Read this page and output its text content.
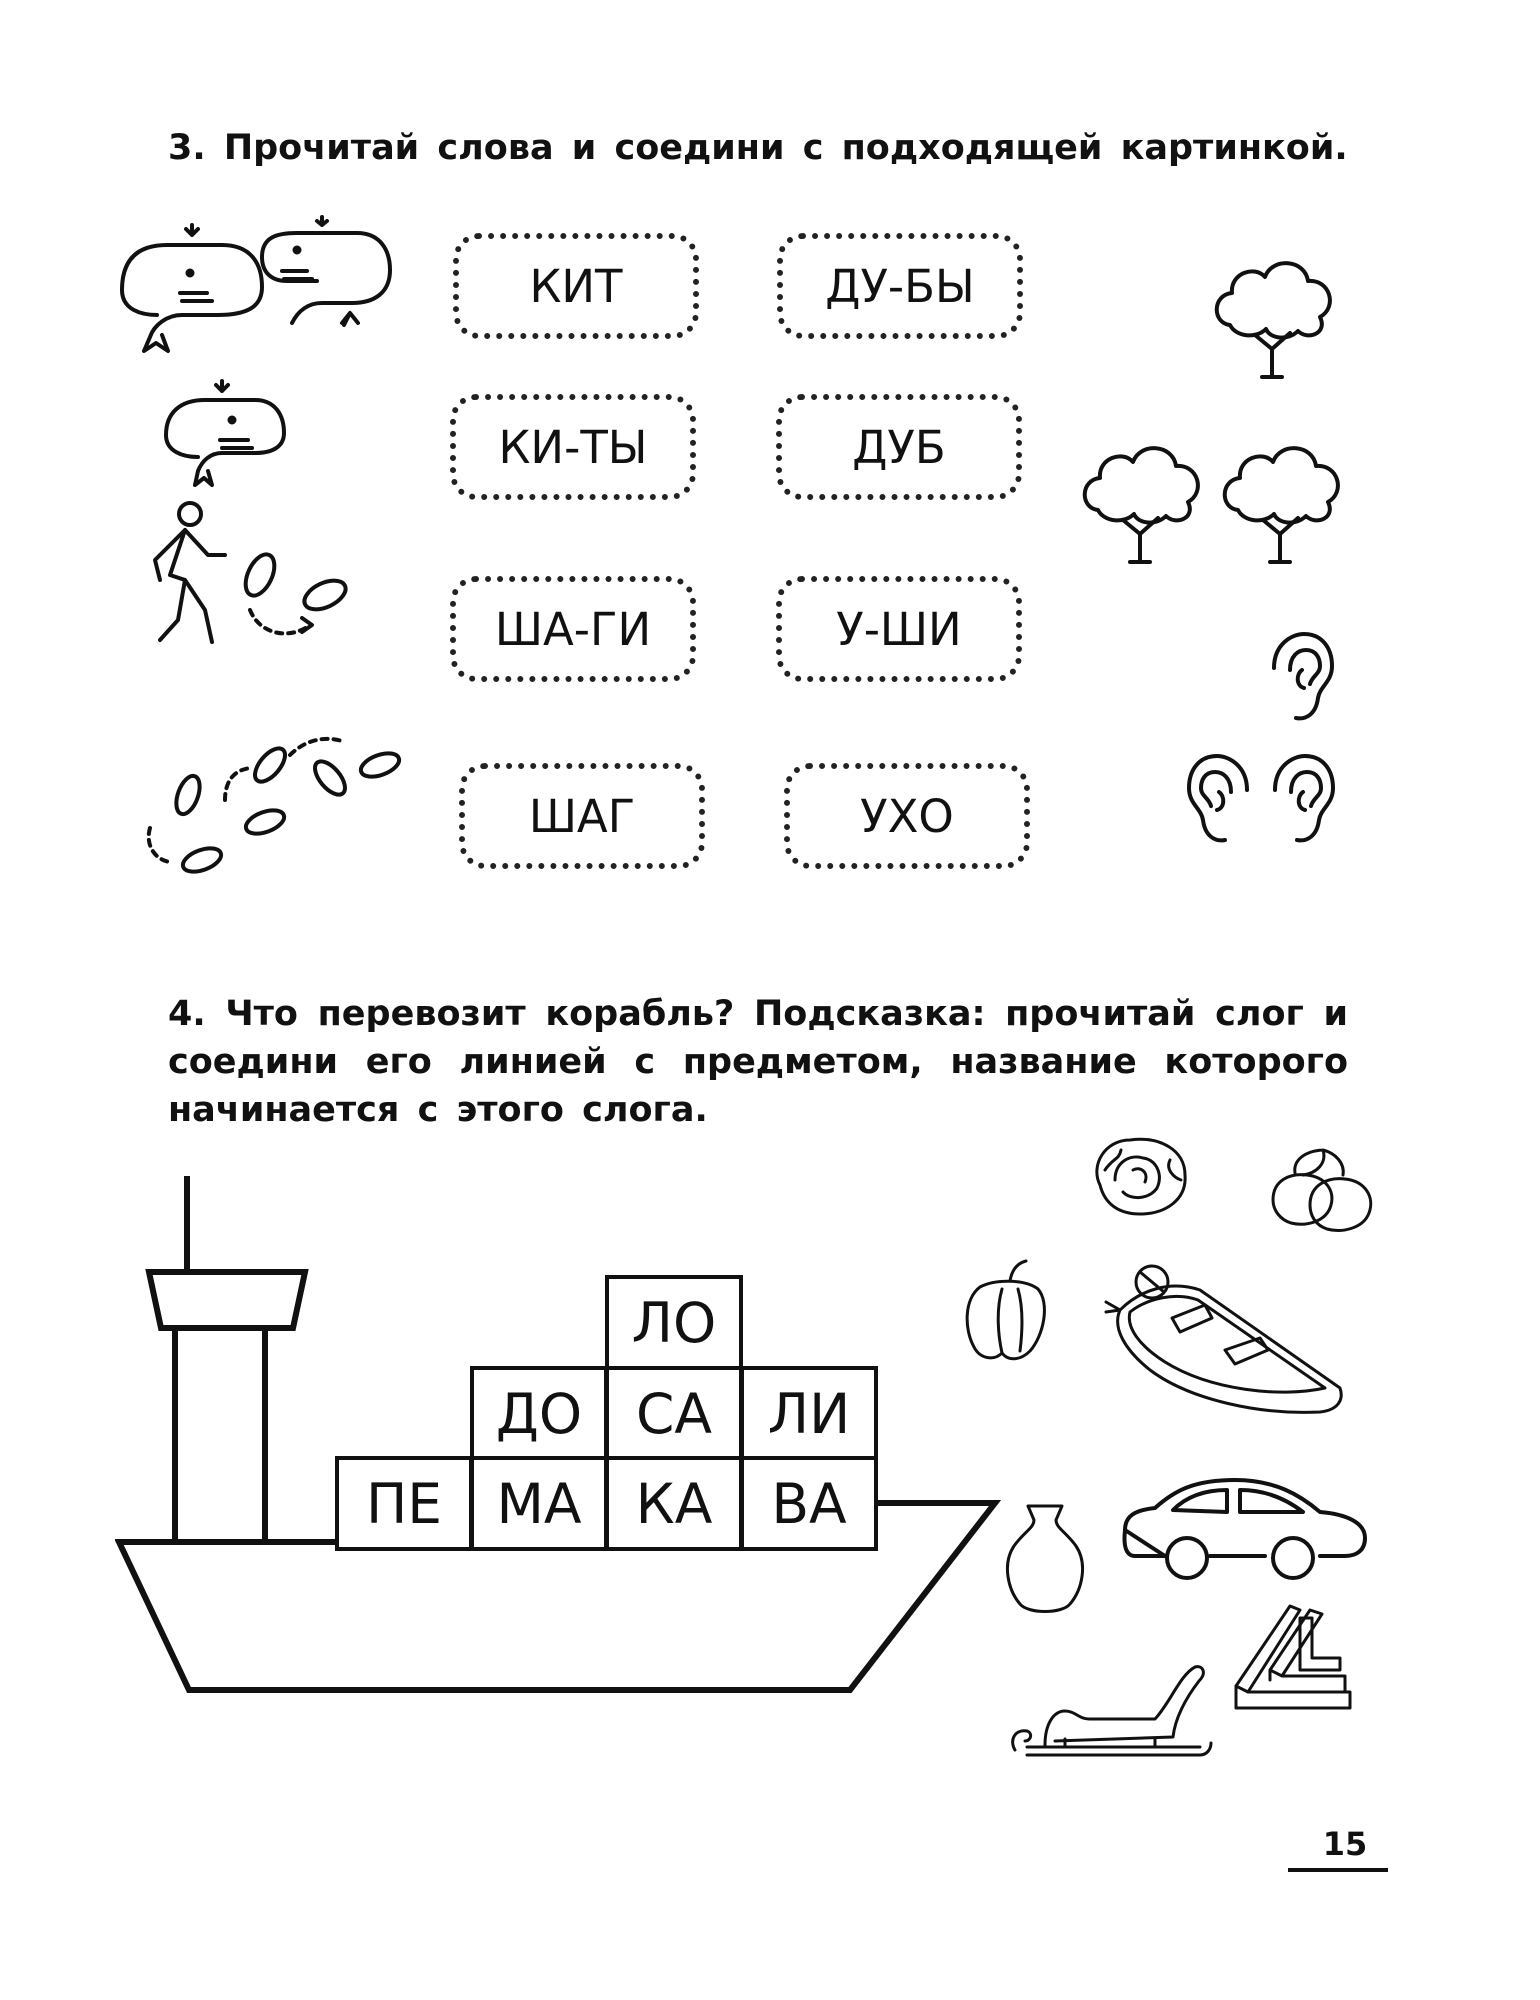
3. Прочитай слова и соедини с подходящей картинкой.
КИТ
КИ-ТЫ
ША-ГИ
ШАГ
ДУ-БЫ
ДУБ
У-ШИ
УХО
4. Что перевозит корабль? Подсказка: прочитай слог и соедини его линией с предметом, название которого начинается с этого слога.
ЛО
ДО СА	ЛИ
ПЕ МА КА	ВА
15
